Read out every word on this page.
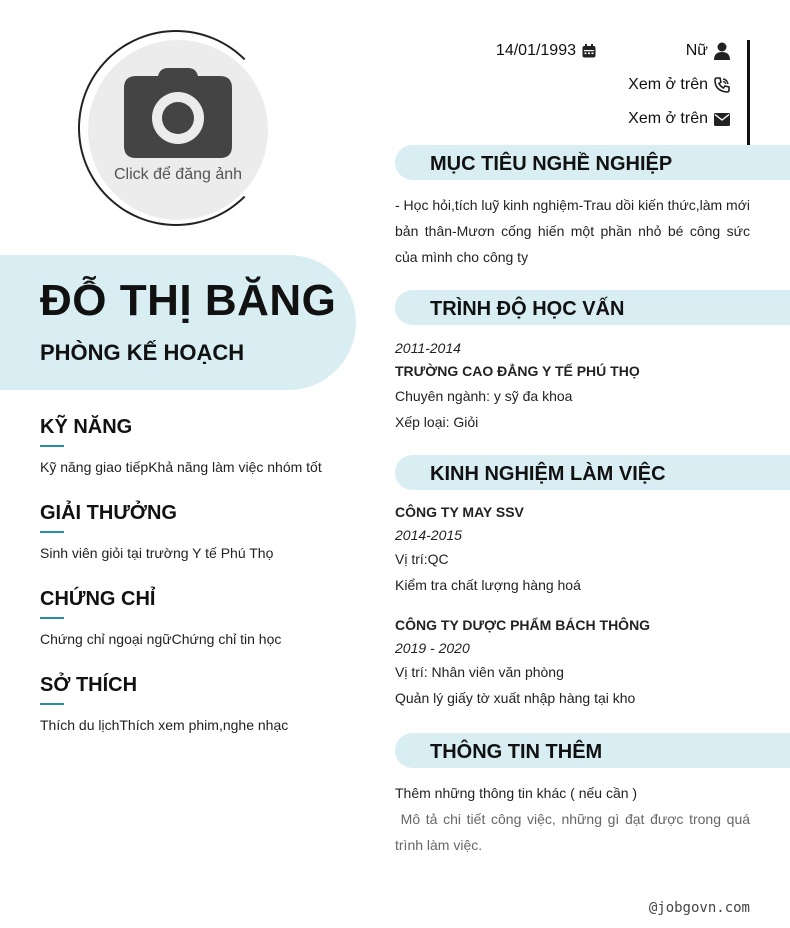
Click để đăng ảnh
ĐỖ THỊ BĂNG
PHÒNG KẾ HOẠCH
KỸ NĂNG
Kỹ năng giao tiếpKhả năng làm việc nhóm tốt
GIẢI THƯỞNG
Sinh viên giỏi tại trường Y tế Phú Thọ
CHỨNG CHỈ
Chứng chỉ ngoại ngữChứng chỉ tin học
SỞ THÍCH
Thích du lịchThích xem phim,nghe nhạc
14/01/1993	Nữ
Xem ở trên
Xem ở trên
MỤC TIÊU NGHỀ NGHIỆP
- Học hỏi,tích luỹ kinh nghiệm-Trau dồi kiến thức,làm mới bản thân-Mươn cống hiến một phần nhỏ bé công sức của mình cho công ty
TRÌNH ĐỘ HỌC VẤN
2011-2014
TRƯỜNG CAO ĐẲNG Y TẾ PHÚ THỌ
Chuyên ngành: y sỹ đa khoa
Xếp loại: Giỏi
KINH NGHIỆM LÀM VIỆC
CÔNG TY MAY SSV
2014-2015
Vị trí:QC
Kiểm tra chất lượng hàng hoá
CÔNG TY DƯỢC PHẨM BÁCH THÔNG
2019 - 2020
Vị trí: Nhân viên văn phòng
Quản lý giấy tờ xuất nhập hàng tại kho
THÔNG TIN THÊM
Thêm những thông tin khác ( nếu cần )
Mô tả chi tiết công việc, những gì đạt được trong quá trình làm việc.
@jobgovn.com
